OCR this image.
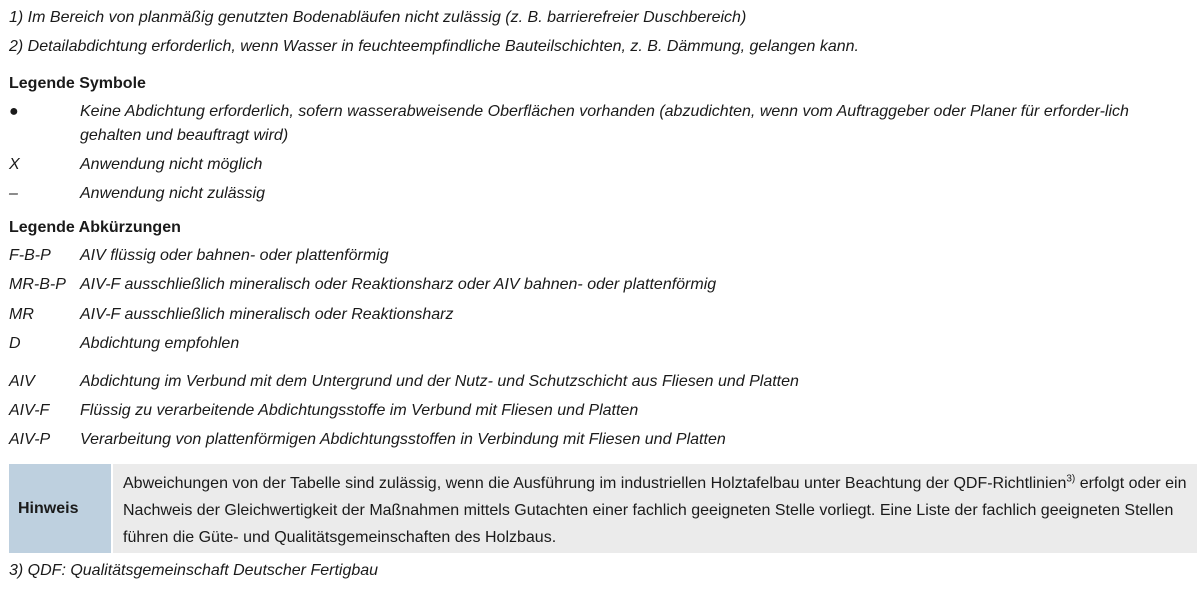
1) Im Bereich von planmäßig genutzten Bodenabläufen nicht zulässig (z. B. barrierefreier Duschbereich)
2) Detailabdichtung erforderlich, wenn Wasser in feuchteempfindliche Bauteilschichten, z. B. Dämmung, gelangen kann.
Legende Symbole
●	Keine Abdichtung erforderlich, sofern wasserabweisende Oberflächen vorhanden (abzudichten, wenn vom Auftraggeber oder Planer für erforder-lich gehalten und beauftragt wird)
X	Anwendung nicht möglich
–	Anwendung nicht zulässig
Legende Abkürzungen
F-B-P AIV flüssig oder bahnen- oder plattenförmig
MR-B-P AIV-F ausschließlich mineralisch oder Reaktionsharz oder AIV bahnen- oder plattenförmig
MR	AIV-F ausschließlich mineralisch oder Reaktionsharz
D	Abdichtung empfohlen
AIV	Abdichtung im Verbund mit dem Untergrund und der Nutz- und Schutzschicht aus Fliesen und Platten
AIV-F Flüssig zu verarbeitende Abdichtungsstoffe im Verbund mit Fliesen und Platten
AIV-P Verarbeitung von plattenförmigen Abdichtungsstoffen in Verbindung mit Fliesen und Platten
Hinweis
Abweichungen von der Tabelle sind zulässig, wenn die Ausführung im industriellen Holztafelbau unter Beachtung der QDF-Richtlinien$^{3)}$ erfolgt oder ein Nachweis der Gleichwertigkeit der Maßnahmen mittels Gutachten einer fachlich geeigneten Stelle vorliegt. Eine Liste der fachlich geeigneten Stellen führen die Güte- und Qualitätsgemeinschaften des Holzbaus.
3) QDF: Qualitätsgemeinschaft Deutscher Fertigbau
